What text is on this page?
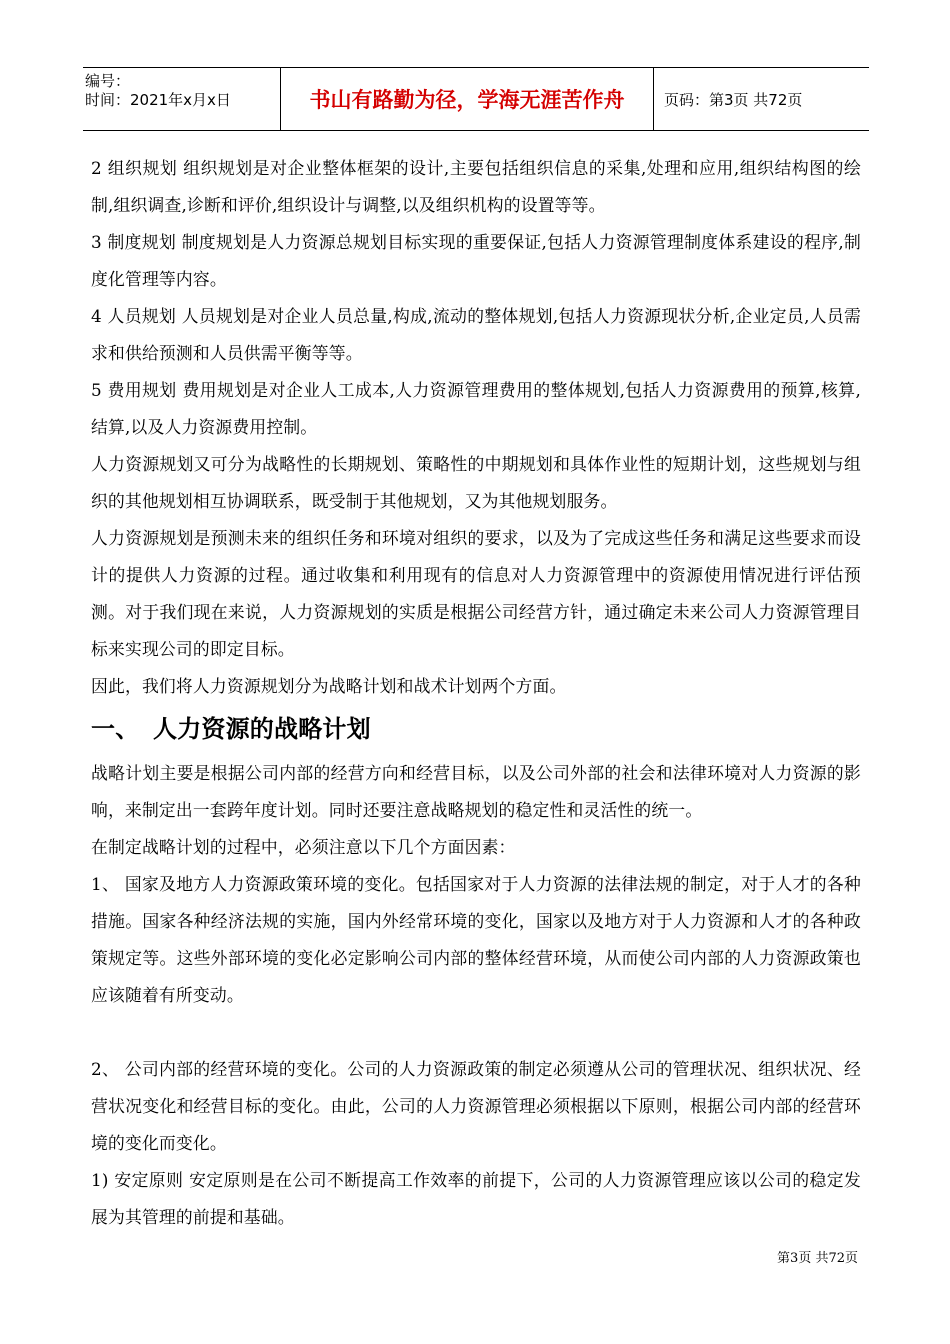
编号：
时间：2021年x月x日	书山有路勤为径，学海无涯苦作舟	页码：第3页 共72页

2 组织规划 组织规划是对企业整体框架的设计,主要包括组织信息的采集,处理和应用,组织结构图的绘制,组织调查,诊断和评价,组织设计与调整,以及组织机构的设置等等。

3 制度规划 制度规划是人力资源总规划目标实现的重要保证,包括人力资源管理制度体系建设的程序,制度化管理等内容。

4 人员规划 人员规划是对企业人员总量,构成,流动的整体规划,包括人力资源现状分析,企业定员,人员需求和供给预测和人员供需平衡等等。

5 费用规划 费用规划是对企业人工成本,人力资源管理费用的整体规划,包括人力资源费用的预算,核算,结算,以及人力资源费用控制。

人力资源规划又可分为战略性的长期规划、策略性的中期规划和具体作业性的短期计划，这些规划与组织的其他规划相互协调联系，既受制于其他规划，又为其他规划服务。

人力资源规划是预测未来的组织任务和环境对组织的要求，以及为了完成这些任务和满足这些要求而设计的提供人力资源的过程。通过收集和利用现有的信息对人力资源管理中的资源使用情况进行评估预测。对于我们现在来说，人力资源规划的实质是根据公司经营方针，通过确定未来公司人力资源管理目标来实现公司的即定目标。

因此，我们将人力资源规划分为战略计划和战术计划两个方面。

一、 人力资源的战略计划

战略计划主要是根据公司内部的经营方向和经营目标，以及公司外部的社会和法律环境对人力资源的影响，来制定出一套跨年度计划。同时还要注意战略规划的稳定性和灵活性的统一。

在制定战略计划的过程中，必须注意以下几个方面因素：

1、 国家及地方人力资源政策环境的变化。包括国家对于人力资源的法律法规的制定，对于人才的各种措施。国家各种经济法规的实施，国内外经常环境的变化，国家以及地方对于人力资源和人才的各种政策规定等。这些外部环境的变化必定影响公司内部的整体经营环境，从而使公司内部的人力资源政策也应该随着有所变动。

2、 公司内部的经营环境的变化。公司的人力资源政策的制定必须遵从公司的管理状况、组织状况、经营状况变化和经营目标的变化。由此，公司的人力资源管理必须根据以下原则，根据公司内部的经营环境的变化而变化。

1) 安定原则 安定原则是在公司不断提高工作效率的前提下，公司的人力资源管理应该以公司的稳定发展为其管理的前提和基础。

第3页 共72页
